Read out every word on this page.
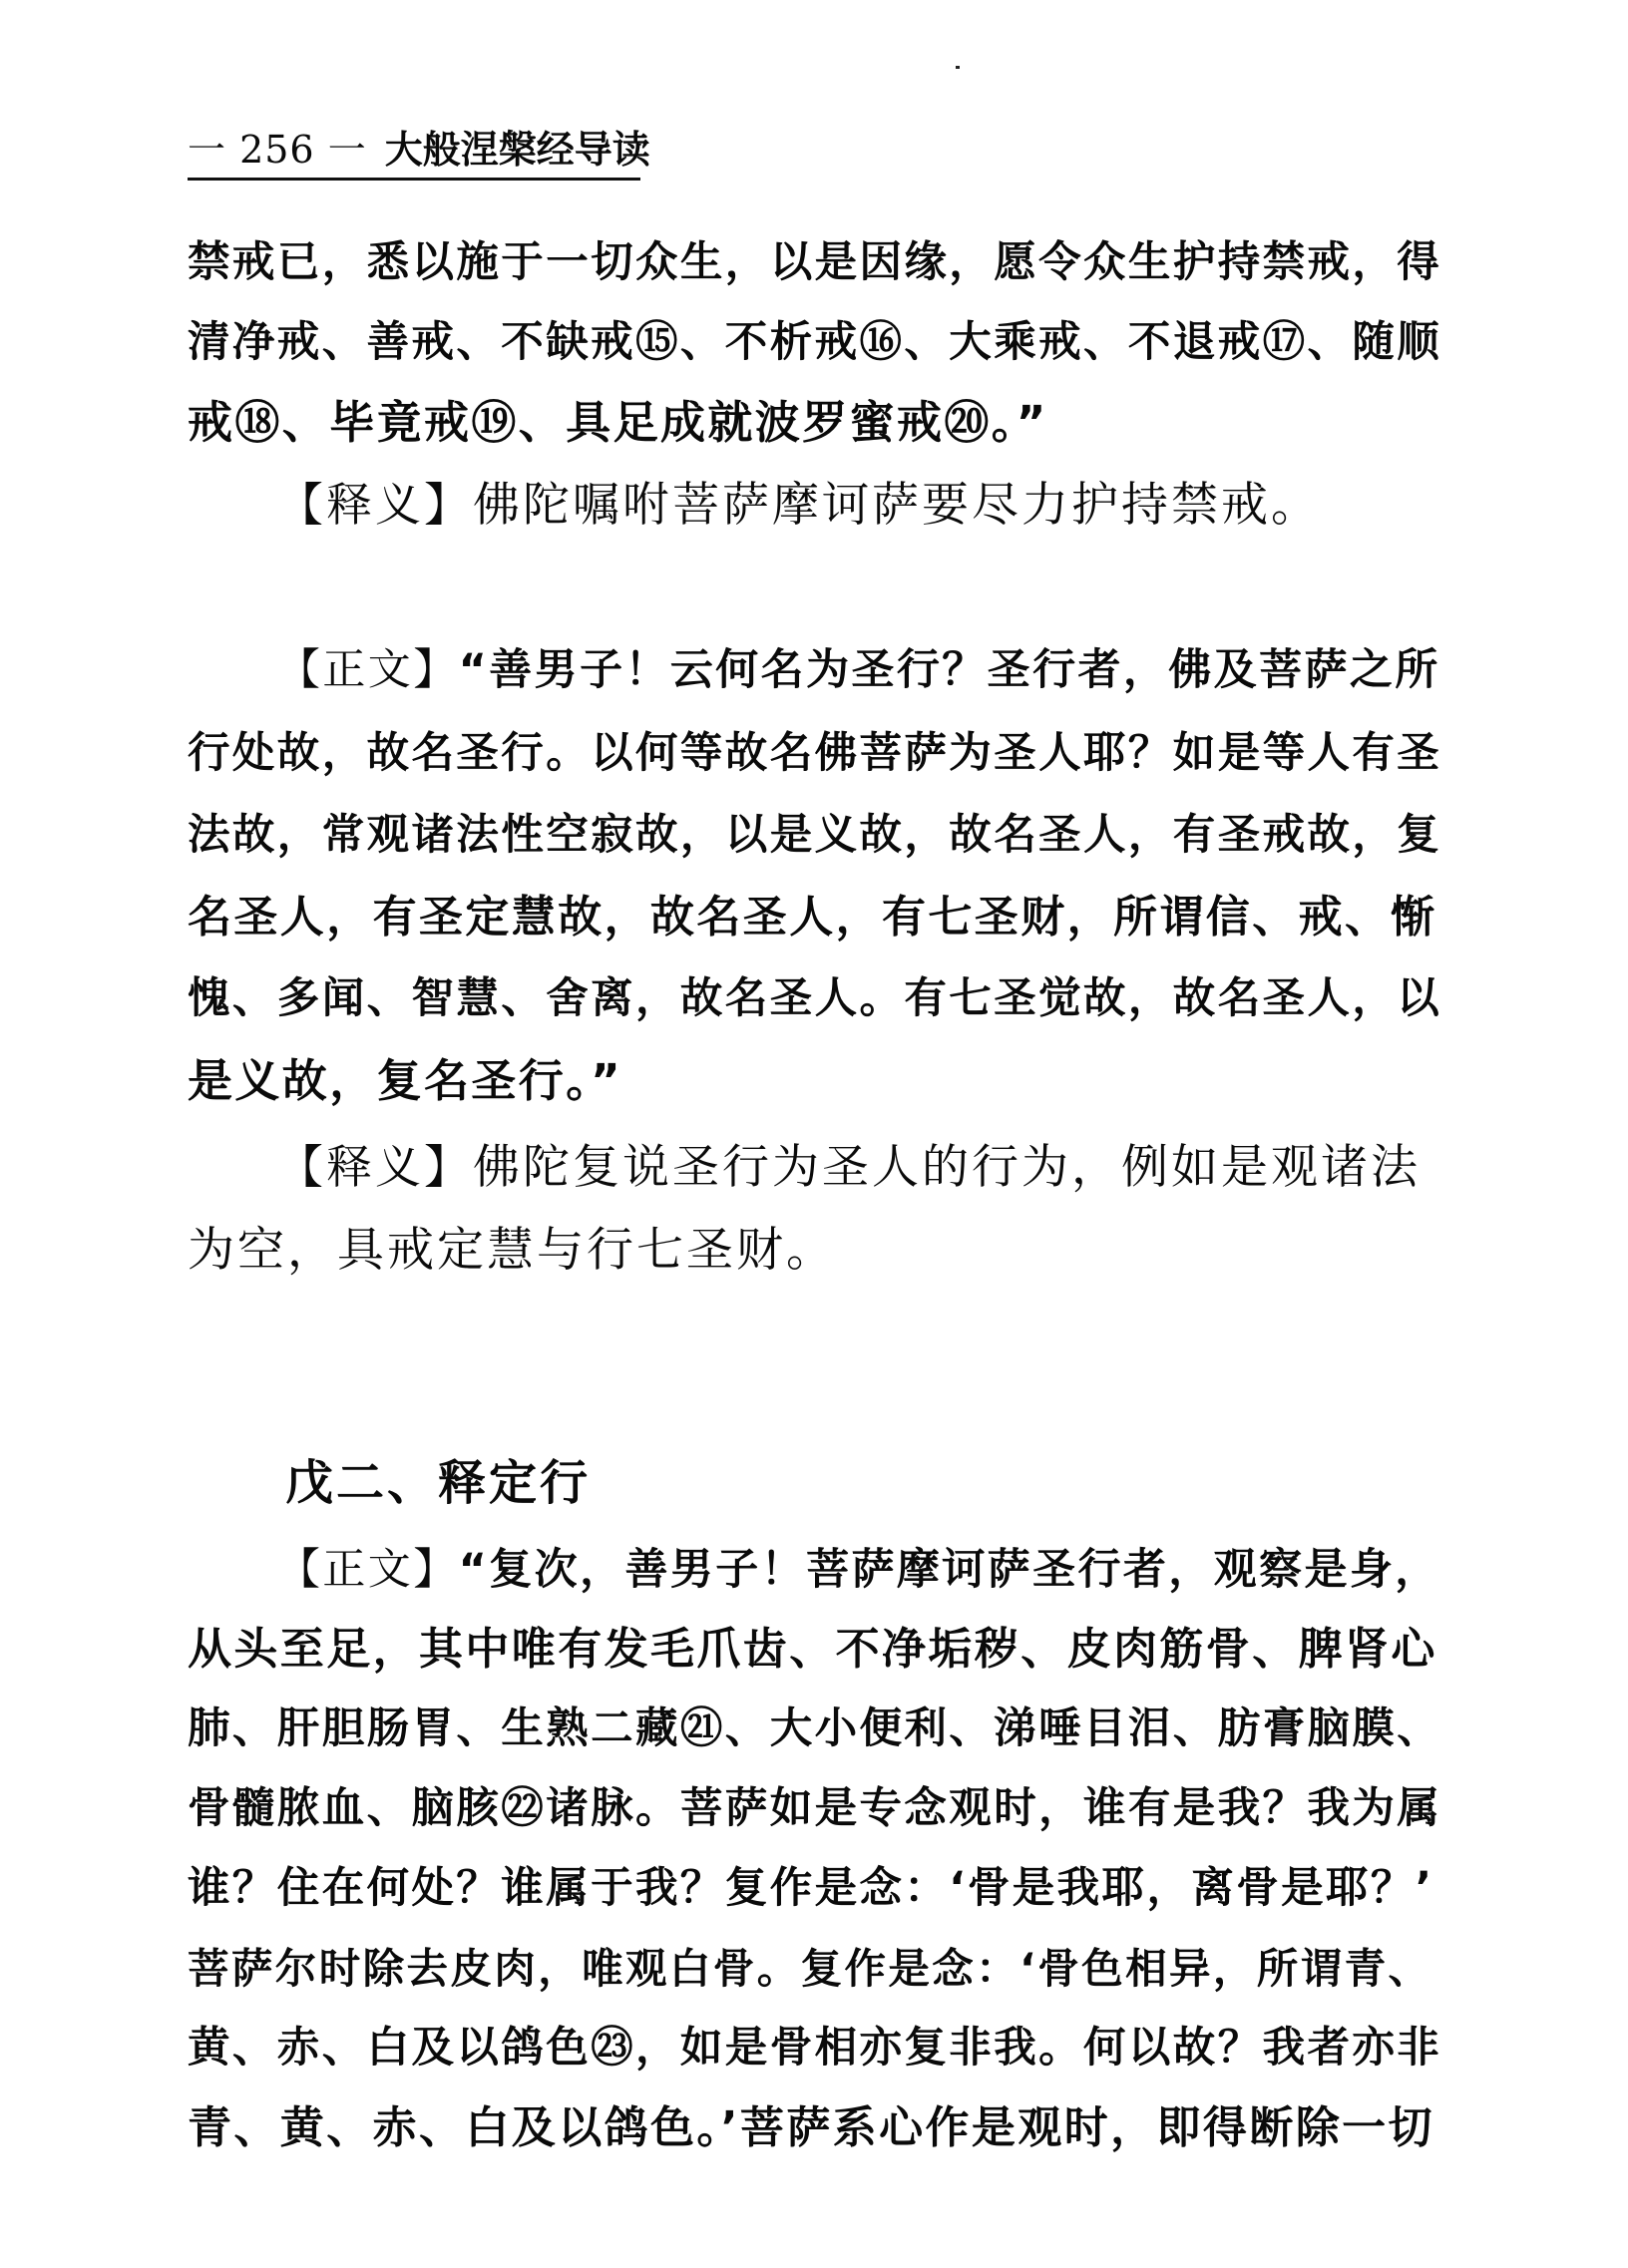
一 256 一 大般涅槃经导读
禁戒已，悉以施于一切众生，以是因缘，愿令众生护持禁戒，得
清净戒、善戒、不缺戒⑮、不析戒⑯、大乘戒、不退戒⑰、随顺
戒⑱、毕竟戒⑲、具足成就波罗蜜戒⑳。”
【释义】佛陀嘱咐菩萨摩诃萨要尽力护持禁戒。
【正文】“善男子！云何名为圣行？圣行者，佛及菩萨之所
行处故，故名圣行。以何等故名佛菩萨为圣人耶？如是等人有圣
法故，常观诸法性空寂故，以是义故，故名圣人，有圣戒故，复
名圣人，有圣定慧故，故名圣人，有七圣财，所谓信、戒、惭
愧、多闻、智慧、舍离，故名圣人。有七圣觉故，故名圣人，以
是义故，复名圣行。”
【释义】佛陀复说圣行为圣人的行为，例如是观诸法
为空，具戒定慧与行七圣财。
戊二、释定行
【正文】“复次，善男子！菩萨摩诃萨圣行者，观察是身，
从头至足，其中唯有发毛爪齿、不净垢秽、皮肉筋骨、脾肾心
肺、肝胆肠胃、生熟二藏㉑、大小便利、涕唾目泪、肪膏脑膜、
骨髓脓血、脑胲㉒诸脉。菩萨如是专念观时，谁有是我？我为属
谁？住在何处？谁属于我？复作是念：‘骨是我耶，离骨是耶？’
菩萨尔时除去皮肉，唯观白骨。复作是念：‘骨色相异，所谓青、
黄、赤、白及以鸽色㉓，如是骨相亦复非我。何以故？我者亦非
青、黄、赤、白及以鸽色。’菩萨系心作是观时，即得断除一切
